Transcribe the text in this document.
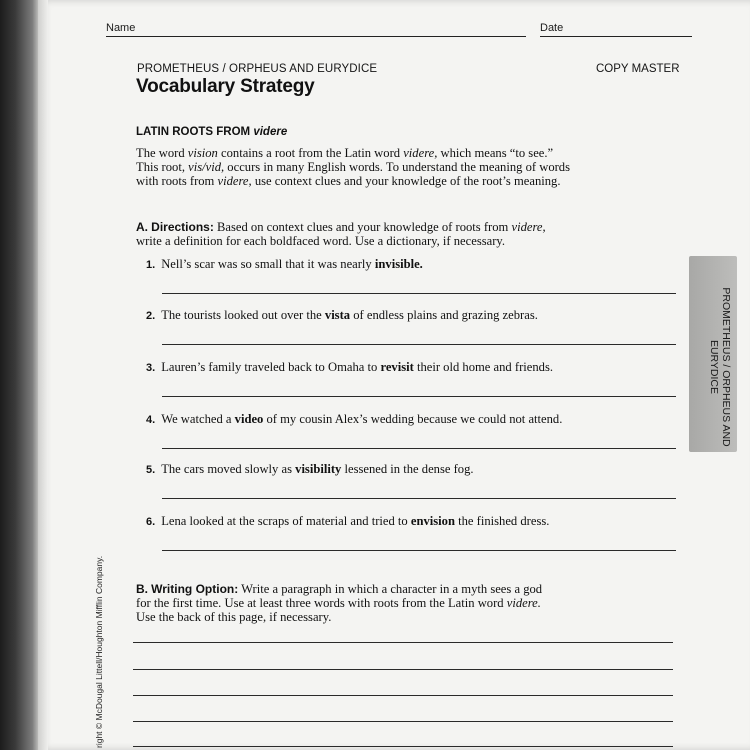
Name	Date
PROMETHEUS / ORPHEUS AND EURYDICE	COPY MASTER
Vocabulary Strategy
LATIN ROOTS FROM videre
The word vision contains a root from the Latin word videre, which means “to see.”
This root, vis/vid, occurs in many English words. To understand the meaning of words
with roots from videre, use context clues and your knowledge of the root’s meaning.
A. Directions: Based on context clues and your knowledge of roots from videre,
write a definition for each boldfaced word. Use a dictionary, if necessary.
1. Nell’s scar was so small that it was nearly invisible.
2. The tourists looked out over the vista of endless plains and grazing zebras.
3. Lauren’s family traveled back to Omaha to revisit their old home and friends.
4. We watched a video of my cousin Alex’s wedding because we could not attend.
5. The cars moved slowly as visibility lessened in the dense fog.
6. Lena looked at the scraps of material and tried to envision the finished dress.
B. Writing Option: Write a paragraph in which a character in a myth sees a god
for the first time. Use at least three words with roots from the Latin word videre.
Use the back of this page, if necessary.
PROMETHEUS / ORPHEUS AND
EURYDICE
right © McDougal Littell/Houghton Mifflin Company.
